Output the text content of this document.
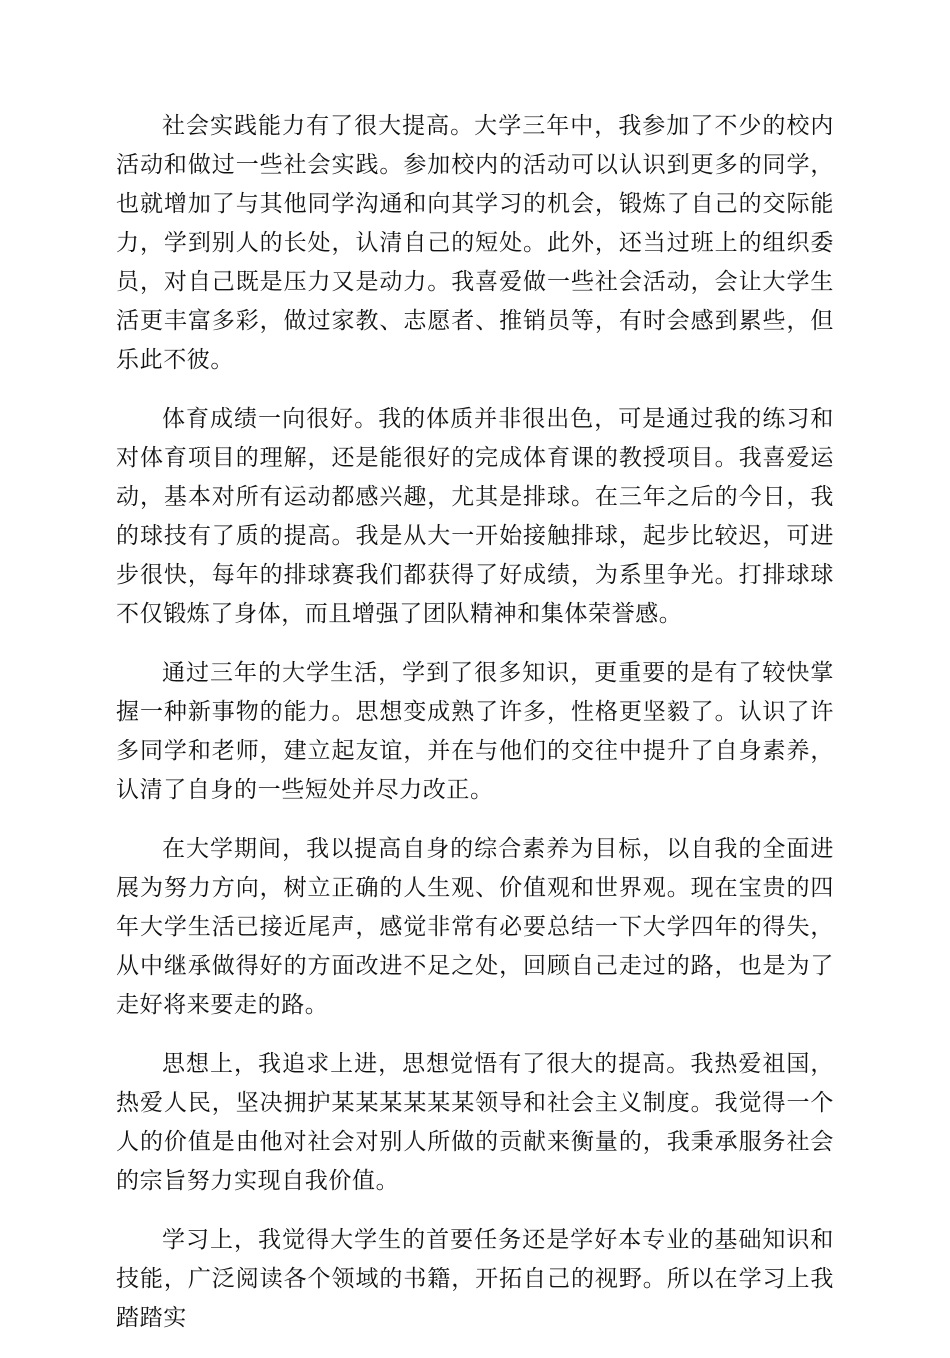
社会实践能力有了很大提高。大学三年中，我参加了不少的校内活动和做过一些社会实践。参加校内的活动可以认识到更多的同学，也就增加了与其他同学沟通和向其学习的机会，锻炼了自己的交际能力，学到别人的长处，认清自己的短处。此外，还当过班上的组织委员，对自己既是压力又是动力。我喜爱做一些社会活动，会让大学生活更丰富多彩，做过家教、志愿者、推销员等，有时会感到累些，但乐此不彼。

体育成绩一向很好。我的体质并非很出色，可是通过我的练习和对体育项目的理解，还是能很好的完成体育课的教授项目。我喜爱运动，基本对所有运动都感兴趣，尤其是排球。在三年之后的今日，我的球技有了质的提高。我是从大一开始接触排球，起步比较迟，可进步很快，每年的排球赛我们都获得了好成绩，为系里争光。打排球球不仅锻炼了身体，而且增强了团队精神和集体荣誉感。

通过三年的大学生活，学到了很多知识，更重要的是有了较快掌握一种新事物的能力。思想变成熟了许多，性格更坚毅了。认识了许多同学和老师，建立起友谊，并在与他们的交往中提升了自身素养，认清了自身的一些短处并尽力改正。

在大学期间，我以提高自身的综合素养为目标，以自我的全面进展为努力方向，树立正确的人生观、价值观和世界观。现在宝贵的四年大学生活已接近尾声，感觉非常有必要总结一下大学四年的得失，从中继承做得好的方面改进不足之处，回顾自己走过的路，也是为了走好将来要走的路。

思想上，我追求上进，思想觉悟有了很大的提高。我热爱祖国，热爱人民，坚决拥护某某某某某某领导和社会主义制度。我觉得一个人的价值是由他对社会对别人所做的贡献来衡量的，我秉承服务社会的宗旨努力实现自我价值。

学习上，我觉得大学生的首要任务还是学好本专业的基础知识和技能，广泛阅读各个领域的书籍，开拓自己的视野。所以在学习上我踏踏实
